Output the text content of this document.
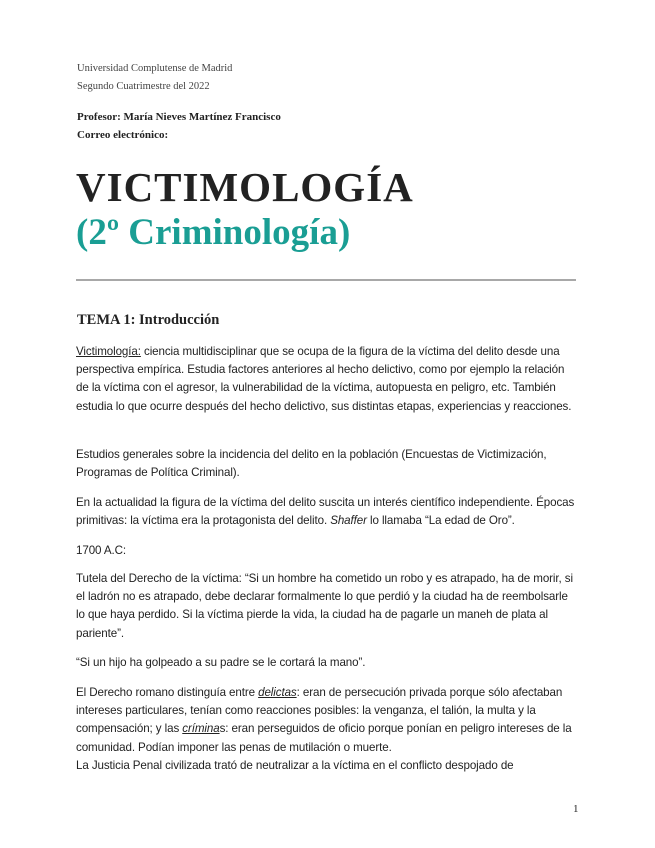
Universidad Complutense de Madrid
Segundo Cuatrimestre del 2022
Profesor: María Nieves Martínez Francisco
Correo electrónico:
VICTIMOLOGÍA
(2º Criminología)
TEMA 1: Introducción
Victimología: ciencia multidisciplinar que se ocupa de la figura de la víctima del delito desde una perspectiva empírica. Estudia factores anteriores al hecho delictivo, como por ejemplo la relación de la víctima con el agresor, la vulnerabilidad de la víctima, autopuesta en peligro, etc. También estudia lo que ocurre después del hecho delictivo, sus distintas etapas, experiencias y reacciones.
Estudios generales sobre la incidencia del delito en la población (Encuestas de Victimización, Programas de Política Criminal).
En la actualidad la figura de la víctima del delito suscita un interés científico independiente. Épocas primitivas: la víctima era la protagonista del delito. Shaffer lo llamaba “La edad de Oro”.
1700 A.C:
Tutela del Derecho de la víctima: “Si un hombre ha cometido un robo y es atrapado, ha de morir, si el ladrón no es atrapado, debe declarar formalmente lo que perdió y la ciudad ha de reembolsarle lo que haya perdido. Si la víctima pierde la vida, la ciudad ha de pagarle un maneh de plata al pariente”.
“Si un hijo ha golpeado a su padre se le cortará la mano”.
El Derecho romano distinguía entre delictas: eran de persecución privada porque sólo afectaban intereses particulares, tenían como reacciones posibles: la venganza, el talión, la multa y la compensación; y las críminas: eran perseguidos de oficio porque ponían en peligro intereses de la comunidad. Podían imponer las penas de mutilación o muerte.
La Justicia Penal civilizada trató de neutralizar a la víctima en el conflicto despojado de
1
